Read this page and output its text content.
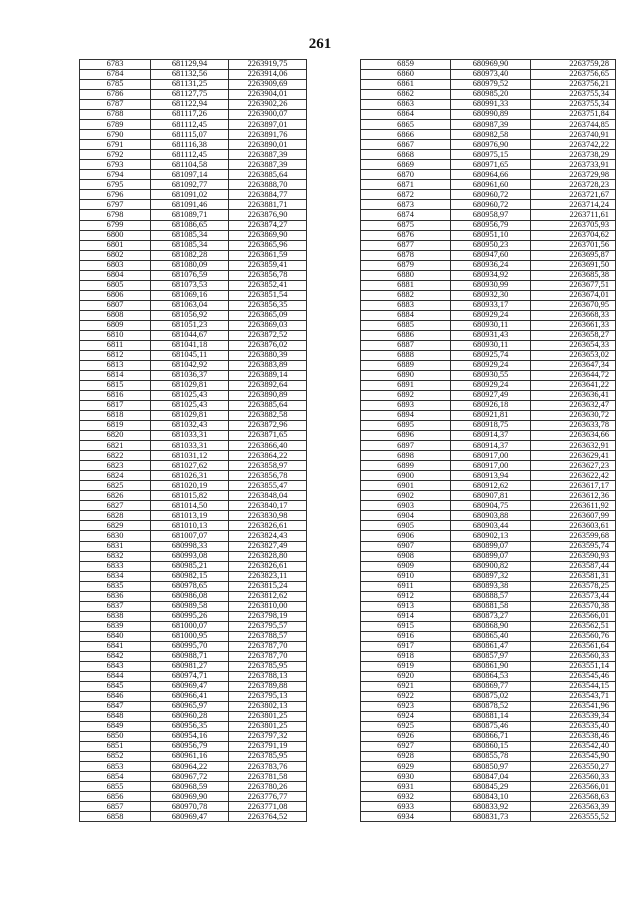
261
6783	681129,94	2263919,75
6784	681132,56	2263914,06
6785	681131,25	2263909,69
6786	681127,75	2263904,01
6787	681122,94	2263902,26
6788	681117,26	2263900,07
6789	681112,45	2263897,01
6790	681115,07	2263891,76
6791	681116,38	2263890,01
6792	681112,45	2263887,39
6793	681104,58	2263887,39
6794	681097,14	2263885,64
6795	681092,77	2263888,70
6796	681091,02	2263884,77
6797	681091,46	2263881,71
6798	681089,71	2263876,90
6799	681086,65	2263874,27
6800	681085,34	2263869,90
6801	681085,34	2263865,96
6802	681082,28	2263861,59
6803	681080,09	2263859,41
6804	681076,59	2263856,78
6805	681073,53	2263852,41
6806	681069,16	2263851,54
6807	681063,04	2263856,35
6808	681056,92	2263865,09
6809	681051,23	2263869,03
6810	681044,67	2263872,52
6811	681041,18	2263876,02
6812	681045,11	2263880,39
6813	681042,92	2263883,89
6814	681036,37	2263889,14
6815	681029,81	2263892,64
6816	681025,43	2263890,89
6817	681025,43	2263885,64
6818	681029,81	2263882,58
6819	681032,43	2263872,96
6820	681033,31	2263871,65
6821	681033,31	2263866,40
6822	681031,12	2263864,22
6823	681027,62	2263858,97
6824	681026,31	2263856,78
6825	681020,19	2263855,47
6826	681015,82	2263848,04
6827	681014,50	2263840,17
6828	681013,19	2263830,98
6829	681010,13	2263826,61
6830	681007,07	2263824,43
6831	680998,33	2263827,49
6832	680993,08	2263828,80
6833	680985,21	2263826,61
6834	680982,15	2263823,11
6835	680978,65	2263815,24
6836	680986,08	2263812,62
6837	680989,58	2263810,00
6838	680995,26	2263798,19
6839	681000,07	2263795,57
6840	681000,95	2263788,57
6841	680995,70	2263787,70
6842	680988,71	2263787,70
6843	680981,27	2263785,95
6844	680974,71	2263788,13
6845	680969,47	2263789,88
6846	680966,41	2263795,13
6847	680965,97	2263802,13
6848	680960,28	2263801,25
6849	680956,35	2263801,25
6850	680954,16	2263797,32
6851	680956,79	2263791,19
6852	680961,16	2263785,95
6853	680964,22	2263783,76
6854	680967,72	2263781,58
6855	680968,59	2263780,26
6856	680969,90	2263776,77
6857	680970,78	2263771,08
6858	680969,47	2263764,52
6859	680969,90	2263759,28
6860	680973,40	2263756,65
6861	680979,52	2263756,21
6862	680985,20	2263755,34
6863	680991,33	2263755,34
6864	680990,89	2263751,84
6865	680987,39	2263744,85
6866	680982,58	2263740,91
6867	680976,90	2263742,22
6868	680975,15	2263738,29
6869	680971,65	2263733,91
6870	680964,66	2263729,98
6871	680961,60	2263728,23
6872	680960,72	2263721,67
6873	680960,72	2263714,24
6874	680958,97	2263711,61
6875	680956,79	2263705,93
6876	680951,10	2263704,62
6877	680950,23	2263701,56
6878	680947,60	2263695,87
6879	680936,24	2263691,50
6880	680934,92	2263685,38
6881	680930,99	2263677,51
6882	680932,30	2263674,01
6883	680933,17	2263670,95
6884	680929,24	2263668,33
6885	680930,11	2263661,33
6886	680931,43	2263658,27
6887	680930,11	2263654,33
6888	680925,74	2263653,02
6889	680929,24	2263647,34
6890	680930,55	2263644,72
6891	680929,24	2263641,22
6892	680927,49	2263636,41
6893	680926,18	2263632,47
6894	680921,81	2263630,72
6895	680918,75	2263633,78
6896	680914,37	2263634,66
6897	680914,37	2263632,91
6898	680917,00	2263629,41
6899	680917,00	2263627,23
6900	680913,94	2263622,42
6901	680912,62	2263617,17
6902	680907,81	2263612,36
6903	680904,75	2263611,92
6904	680903,88	2263607,99
6905	680903,44	2263603,61
6906	680902,13	2263599,68
6907	680899,07	2263595,74
6908	680899,07	2263590,93
6909	680900,82	2263587,44
6910	680897,32	2263581,31
6911	680893,38	2263578,25
6912	680888,57	2263573,44
6913	680881,58	2263570,38
6914	680873,27	2263566,01
6915	680868,90	2263562,51
6916	680865,40	2263560,76
6917	680861,47	2263561,64
6918	680857,97	2263560,33
6919	680861,90	2263551,14
6920	680864,53	2263545,46
6921	680869,77	2263544,15
6922	680875,02	2263543,71
6923	680878,52	2263541,96
6924	680881,14	2263539,34
6925	680875,46	2263535,40
6926	680866,71	2263538,46
6927	680860,15	2263542,40
6928	680855,78	2263545,90
6929	680850,97	2263550,27
6930	680847,04	2263560,33
6931	680845,29	2263566,01
6932	680843,10	2263568,63
6933	680833,92	2263563,39
6934	680831,73	2263555,52
